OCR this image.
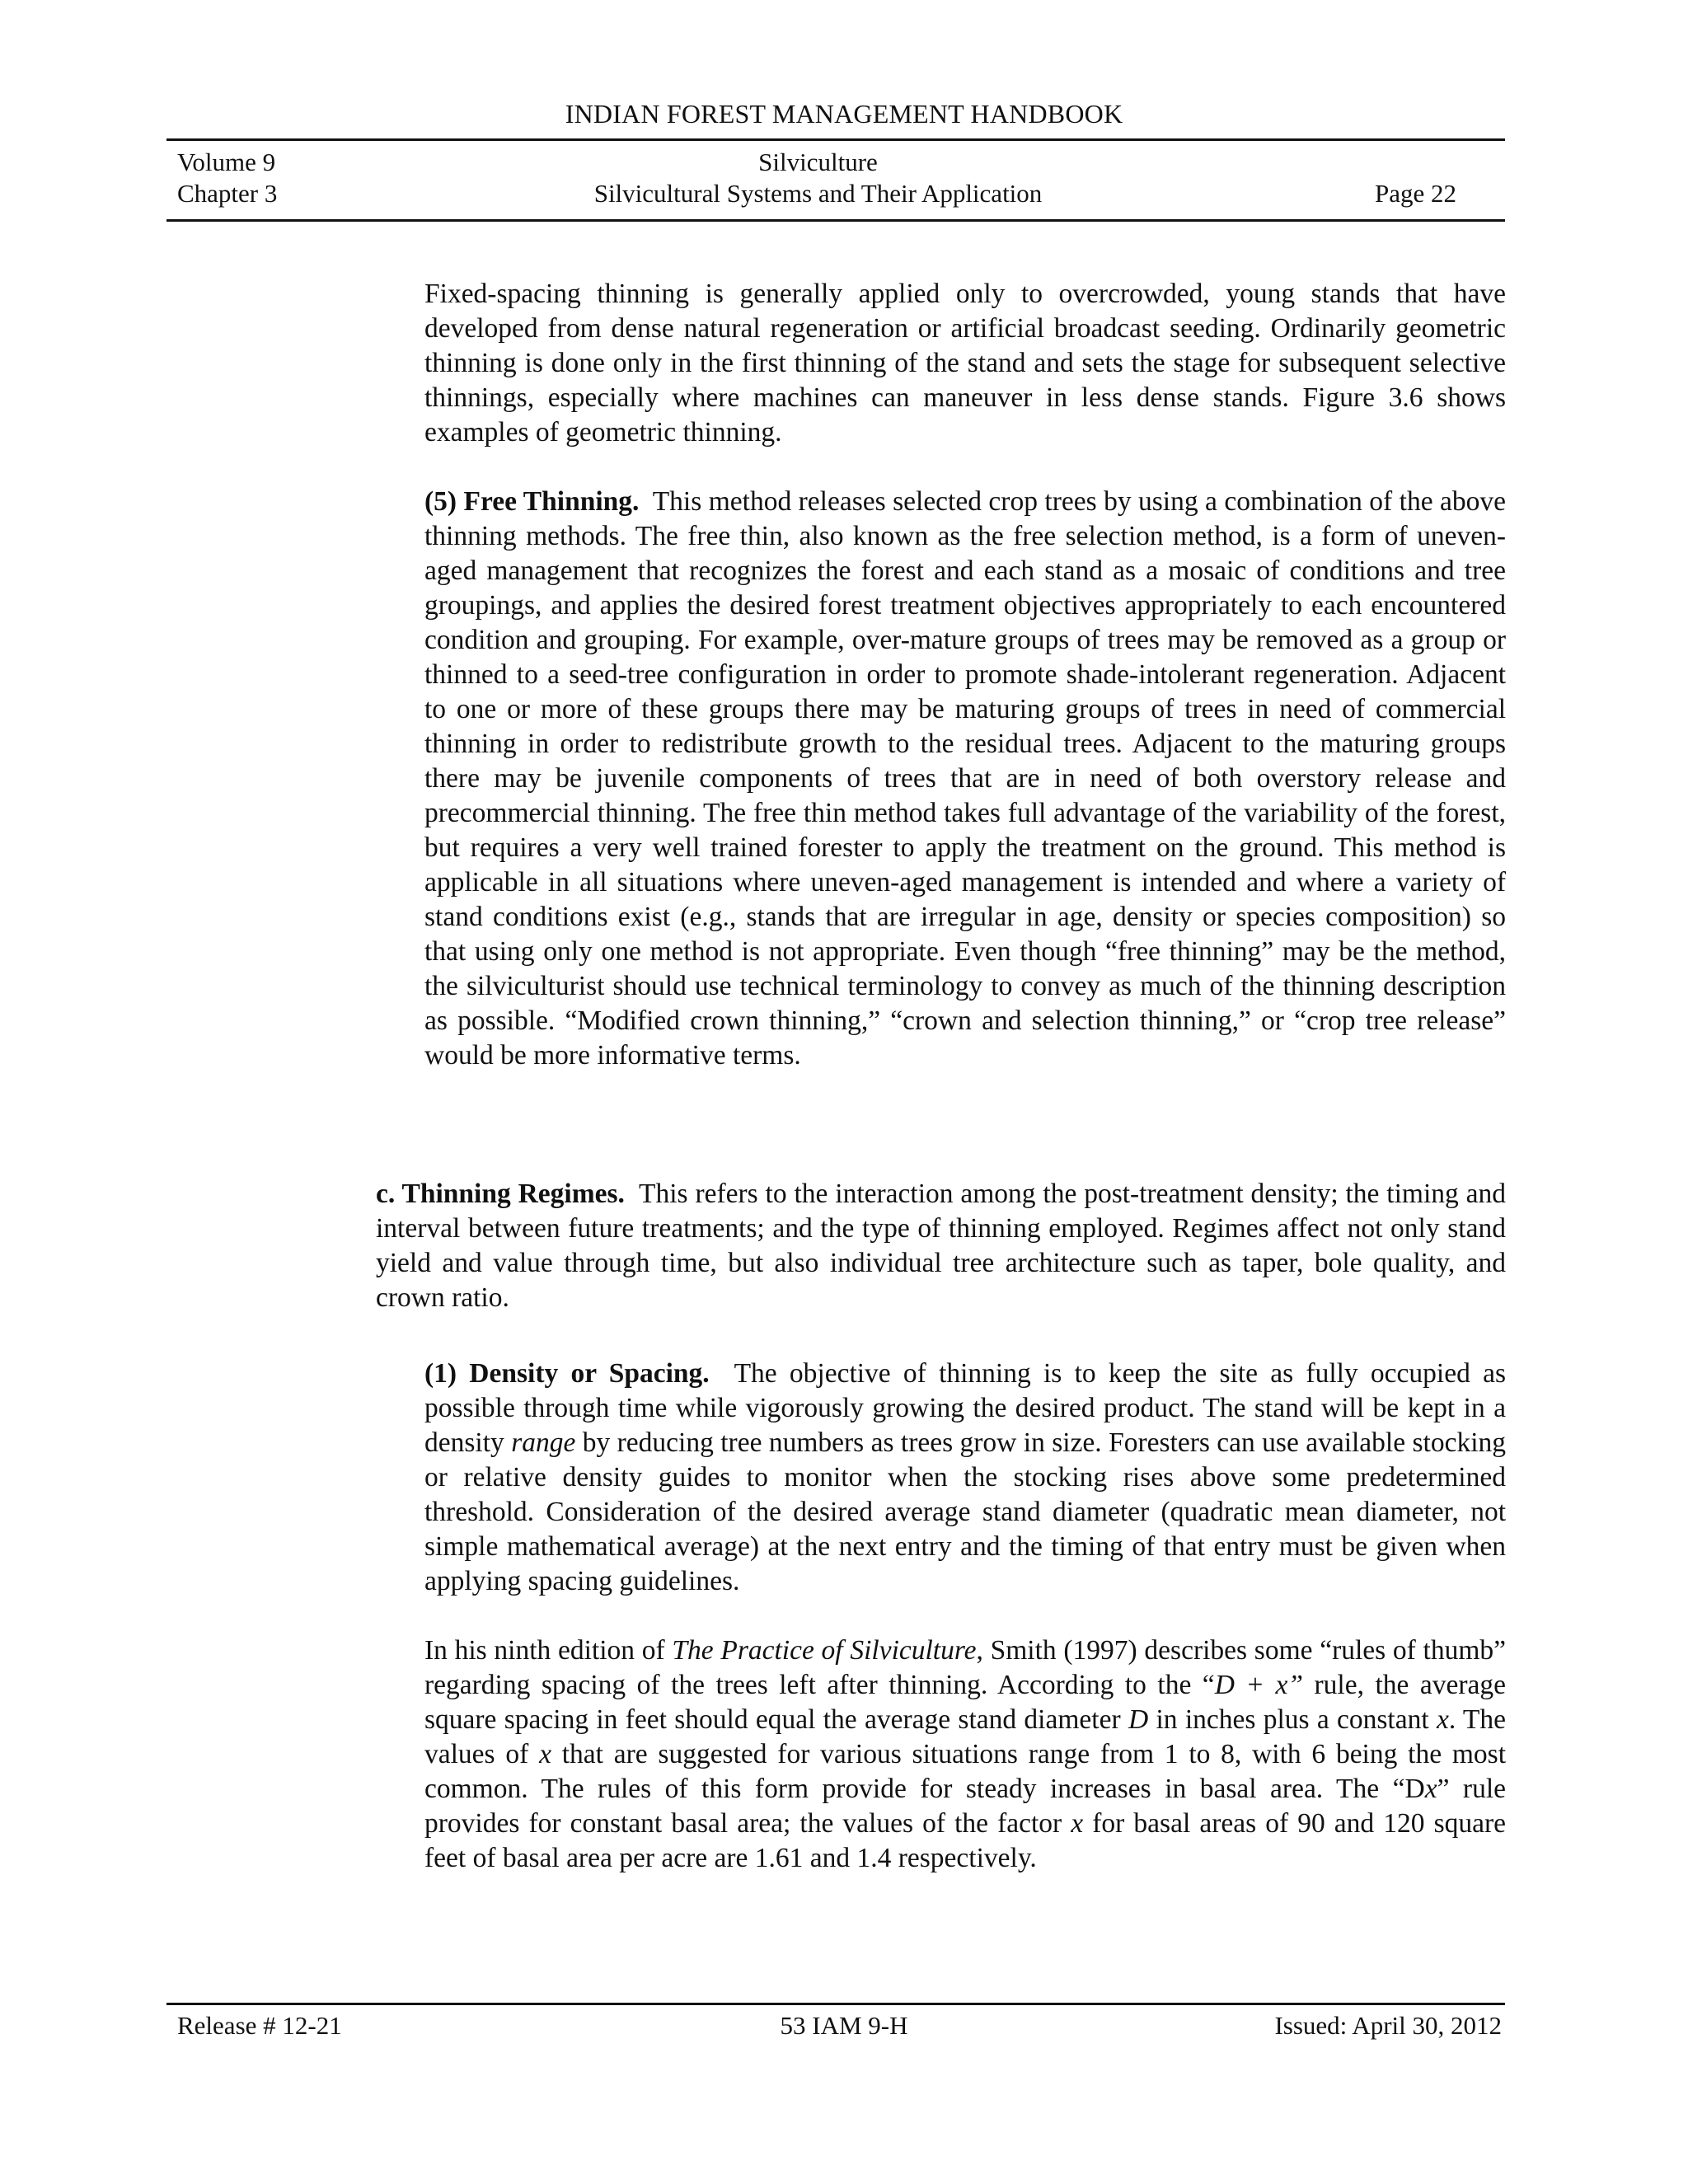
INDIAN FOREST MANAGEMENT HANDBOOK
Volume 9	Silviculture
Chapter 3	Silvicultural Systems and Their Application	Page 22

Fixed-spacing thinning is generally applied only to overcrowded, young stands that have developed from dense natural regeneration or artificial broadcast seeding. Ordinarily geometric thinning is done only in the first thinning of the stand and sets the stage for subsequent selective thinnings, especially where machines can maneuver in less dense stands. Figure 3.6 shows examples of geometric thinning.

(5) Free Thinning. This method releases selected crop trees by using a combination of the above thinning methods. The free thin, also known as the free selection method, is a form of uneven-aged management that recognizes the forest and each stand as a mosaic of conditions and tree groupings, and applies the desired forest treatment objectives appropriately to each encountered condition and grouping. For example, over-mature groups of trees may be removed as a group or thinned to a seed-tree configuration in order to promote shade-intolerant regeneration. Adjacent to one or more of these groups there may be maturing groups of trees in need of commercial thinning in order to redistribute growth to the residual trees. Adjacent to the maturing groups there may be juvenile components of trees that are in need of both overstory release and precommercial thinning. The free thin method takes full advantage of the variability of the forest, but requires a very well trained forester to apply the treatment on the ground. This method is applicable in all situations where uneven-aged management is intended and where a variety of stand conditions exist (e.g., stands that are irregular in age, density or species composition) so that using only one method is not appropriate. Even though “free thinning” may be the method, the silviculturist should use technical terminology to convey as much of the thinning description as possible. “Modified crown thinning,” “crown and selection thinning,” or “crop tree release” would be more informative terms.

c. Thinning Regimes. This refers to the interaction among the post-treatment density; the timing and interval between future treatments; and the type of thinning employed. Regimes affect not only stand yield and value through time, but also individual tree architecture such as taper, bole quality, and crown ratio.

(1) Density or Spacing. The objective of thinning is to keep the site as fully occupied as possible through time while vigorously growing the desired product. The stand will be kept in a density range by reducing tree numbers as trees grow in size. Foresters can use available stocking or relative density guides to monitor when the stocking rises above some predetermined threshold. Consideration of the desired average stand diameter (quadratic mean diameter, not simple mathematical average) at the next entry and the timing of that entry must be given when applying spacing guidelines.

In his ninth edition of The Practice of Silviculture, Smith (1997) describes some “rules of thumb” regarding spacing of the trees left after thinning. According to the “D + x” rule, the average square spacing in feet should equal the average stand diameter D in inches plus a constant x. The values of x that are suggested for various situations range from 1 to 8, with 6 being the most common. The rules of this form provide for steady increases in basal area. The “Dx” rule provides for constant basal area; the values of the factor x for basal areas of 90 and 120 square feet of basal area per acre are 1.61 and 1.4 respectively.

Release # 12-21	53 IAM 9-H	Issued: April 30, 2012
